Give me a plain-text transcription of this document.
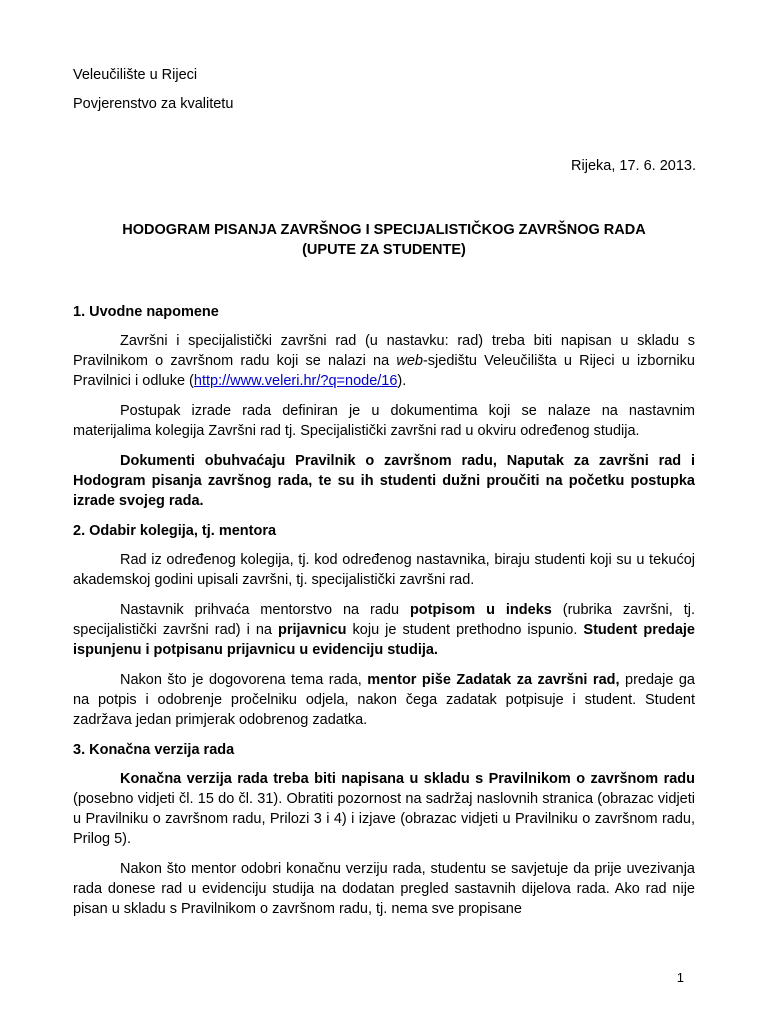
Veleučilište u Rijeci
Povjerenstvo za kvalitetu
Rijeka, 17. 6. 2013.
HODOGRAM PISANJA ZAVRŠNOG I SPECIJALISTIČKOG ZAVRŠNOG RADA
(UPUTE ZA STUDENTE)
1. Uvodne napomene

Završni i specijalistički završni rad (u nastavku: rad) treba biti napisan u skladu s Pravilnikom o završnom radu koji se nalazi na web-sjedištu Veleučilišta u Rijeci u izborniku Pravilnici i odluke (http://www.veleri.hr/?q=node/16).

Postupak izrade rada definiran je u dokumentima koji se nalaze na nastavnim materijalima kolegija Završni rad tj. Specijalistički završni rad u okviru određenog studija.

Dokumenti obuhvaćaju Pravilnik o završnom radu, Naputak za završni rad i Hodogram pisanja završnog rada, te su ih studenti dužni proučiti na početku postupka izrade svojeg rada.

2. Odabir kolegija, tj. mentora

Rad iz određenog kolegija, tj. kod određenog nastavnika, biraju studenti koji su u tekućoj akademskoj godini upisali završni, tj. specijalistički završni rad.

Nastavnik prihvaća mentorstvo na radu potpisom u indeks (rubrika završni, tj. specijalistički završni rad) i na prijavnicu koju je student prethodno ispunio. Student predaje ispunjenu i potpisanu prijavnicu u evidenciju studija.

Nakon što je dogovorena tema rada, mentor piše Zadatak za završni rad, predaje ga na potpis i odobrenje pročelniku odjela, nakon čega zadatak potpisuje i student. Student zadržava jedan primjerak odobrenog zadatka.

3. Konačna verzija rada

Konačna verzija rada treba biti napisana u skladu s Pravilnikom o završnom radu (posebno vidjeti čl. 15 do čl. 31). Obratiti pozornost na sadržaj naslovnih stranica (obrazac vidjeti u Pravilniku o završnom radu, Prilozi 3 i 4) i izjave (obrazac vidjeti u Pravilniku o završnom radu, Prilog 5).

Nakon što mentor odobri konačnu verziju rada, studentu se savjetuje da prije uvezivanja rada donese rad u evidenciju studija na dodatan pregled sastavnih dijelova rada. Ako rad nije pisan u skladu s Pravilnikom o završnom radu, tj. nema sve propisane

1
